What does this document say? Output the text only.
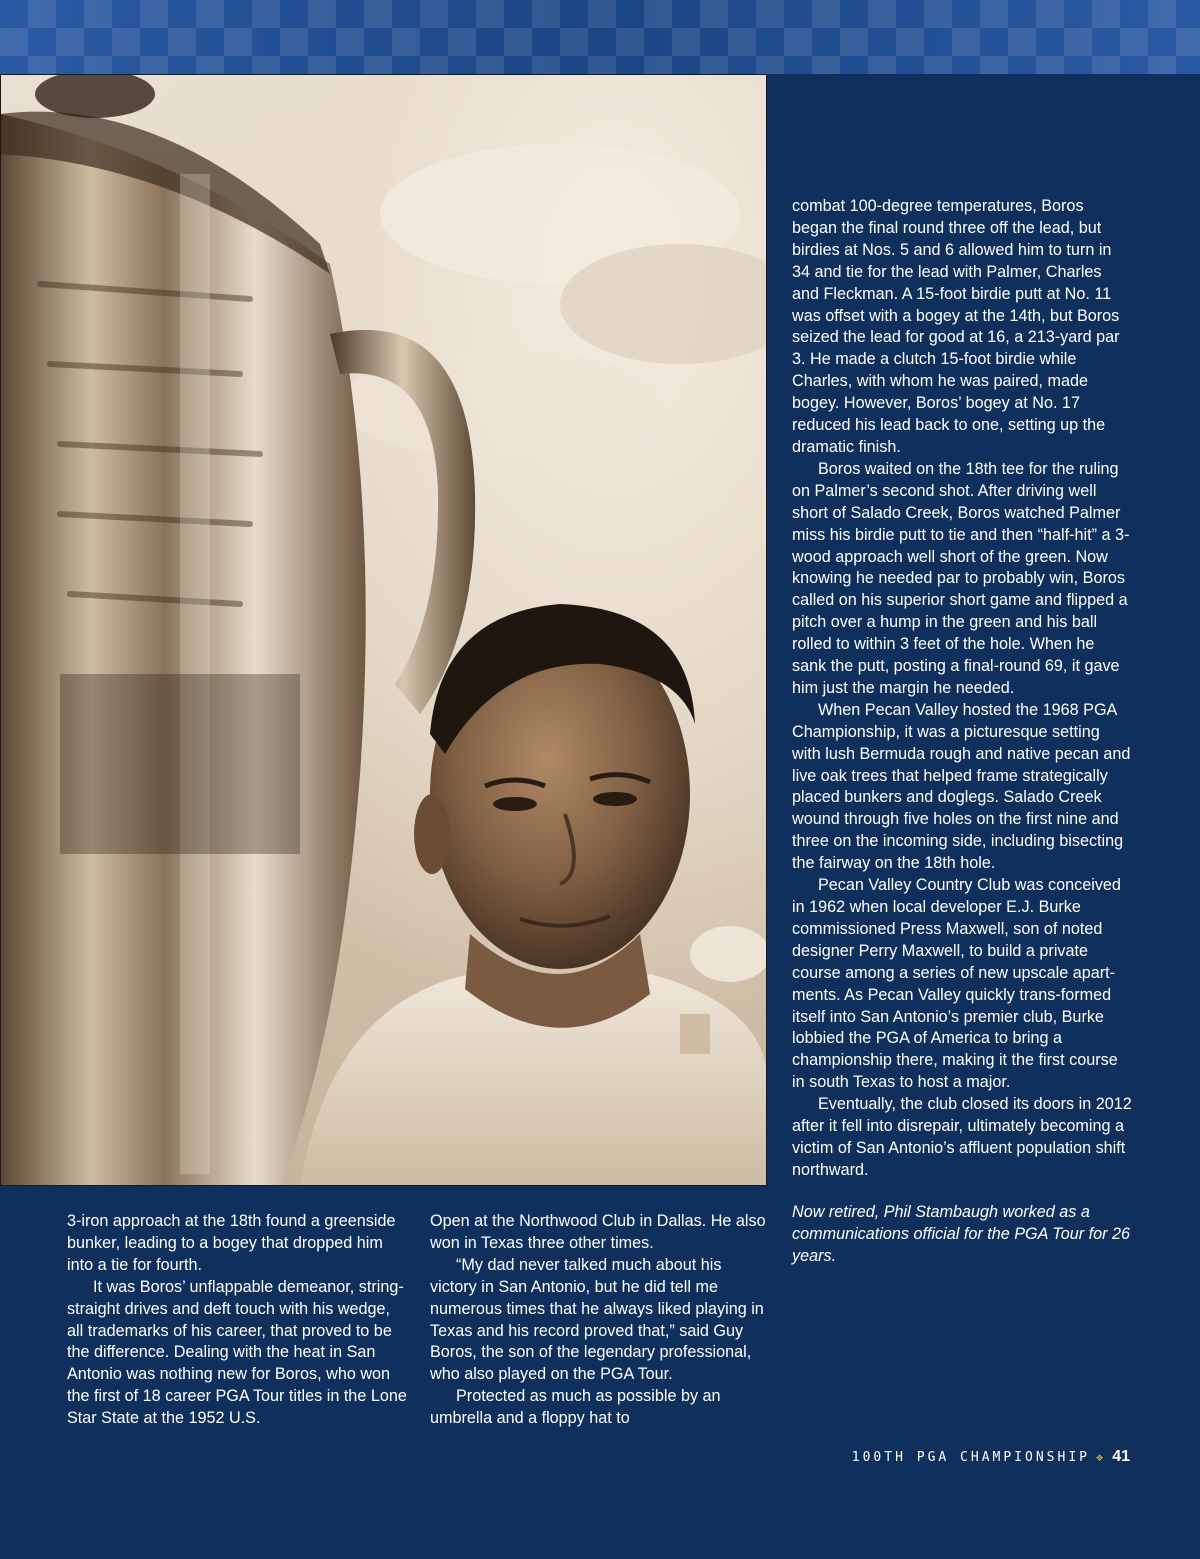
combat 100-degree temperatures, Boros began the final round three off the lead, but birdies at Nos. 5 and 6 allowed him to turn in 34 and tie for the lead with Palmer, Charles and Fleckman. A 15-foot birdie putt at No. 11 was offset with a bogey at the 14th, but Boros seized the lead for good at 16, a 213-yard par 3. He made a clutch 15-foot birdie while Charles, with whom he was paired, made bogey. However, Boros’ bogey at No. 17 reduced his lead back to one, setting up the dramatic finish.

Boros waited on the 18th tee for the ruling on Palmer’s second shot. After driving well short of Salado Creek, Boros watched Palmer miss his birdie putt to tie and then “half-hit” a 3-wood approach well short of the green. Now knowing he needed par to probably win, Boros called on his superior short game and flipped a pitch over a hump in the green and his ball rolled to within 3 feet of the hole. When he sank the putt, posting a final-round 69, it gave him just the margin he needed.

When Pecan Valley hosted the 1968 PGA Championship, it was a picturesque setting with lush Bermuda rough and native pecan and live oak trees that helped frame strategically placed bunkers and doglegs. Salado Creek wound through five holes on the first nine and three on the incoming side, including bisecting the fairway on the 18th hole.

Pecan Valley Country Club was conceived in 1962 when local developer E.J. Burke commissioned Press Maxwell, son of noted designer Perry Maxwell, to build a private course among a series of new upscale apart-ments. As Pecan Valley quickly trans-formed itself into San Antonio’s premier club, Burke lobbied the PGA of America to bring a championship there, making it the first course in south Texas to host a major.

Eventually, the club closed its doors in 2012 after it fell into disrepair, ultimately becoming a victim of San Antonio’s affluent population shift northward.

Now retired, Phil Stambaugh worked as a communications official for the PGA Tour for 26 years.

3-iron approach at the 18th found a greenside bunker, leading to a bogey that dropped him into a tie for fourth.

It was Boros’ unflappable demeanor, string-straight drives and deft touch with his wedge, all trademarks of his career, that proved to be the difference. Dealing with the heat in San Antonio was nothing new for Boros, who won the first of 18 career PGA Tour titles in the Lone Star State at the 1952 U.S.

Open at the Northwood Club in Dallas. He also won in Texas three other times.

“My dad never talked much about his victory in San Antonio, but he did tell me numerous times that he always liked playing in Texas and his record proved that,” said Guy Boros, the son of the legendary professional, who also played on the PGA Tour.

Protected as much as possible by an umbrella and a floppy hat to

100TH PGA CHAMPIONSHIP ❖ 41
